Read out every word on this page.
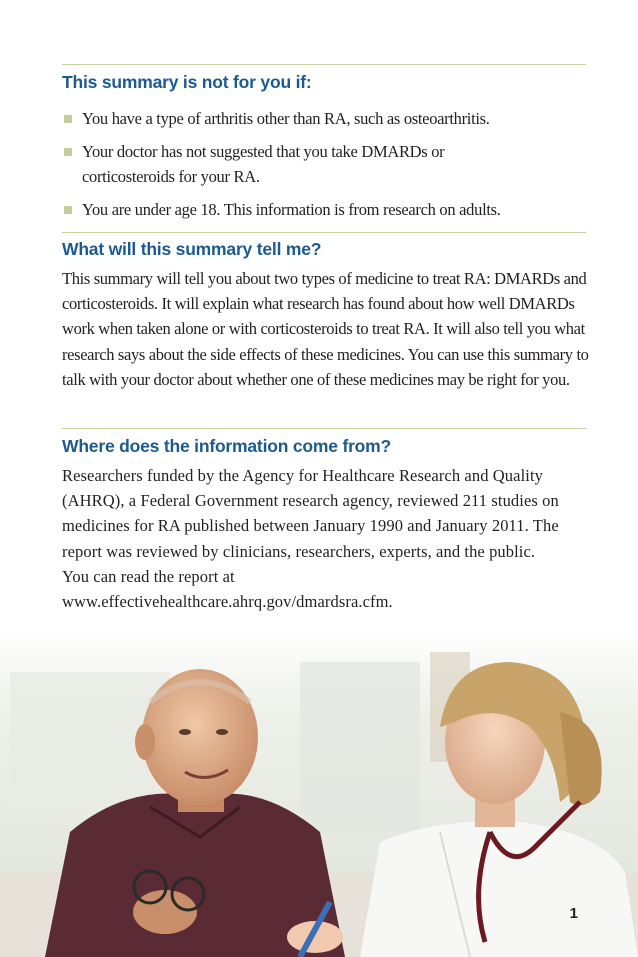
This summary is not for you if:
You have a type of arthritis other than RA, such as osteoarthritis.
Your doctor has not suggested that you take DMARDs or corticosteroids for your RA.
You are under age 18. This information is from research on adults.
What will this summary tell me?

This summary will tell you about two types of medicine to treat RA: DMARDs and corticosteroids. It will explain what research has found about how well DMARDs work when taken alone or with corticosteroids to treat RA. It will also tell you what research says about the side effects of these medicines. You can use this summary to talk with your doctor about whether one of these medicines may be right for you.

Where does the information come from?

Researchers funded by the Agency for Healthcare Research and Quality (AHRQ), a Federal Government research agency, reviewed 211 studies on medicines for RA published between January 1990 and January 2011. The report was reviewed by clinicians, researchers, experts, and the public. You can read the report at www.effectivehealthcare.ahrq.gov/dmardsra.cfm.

1
